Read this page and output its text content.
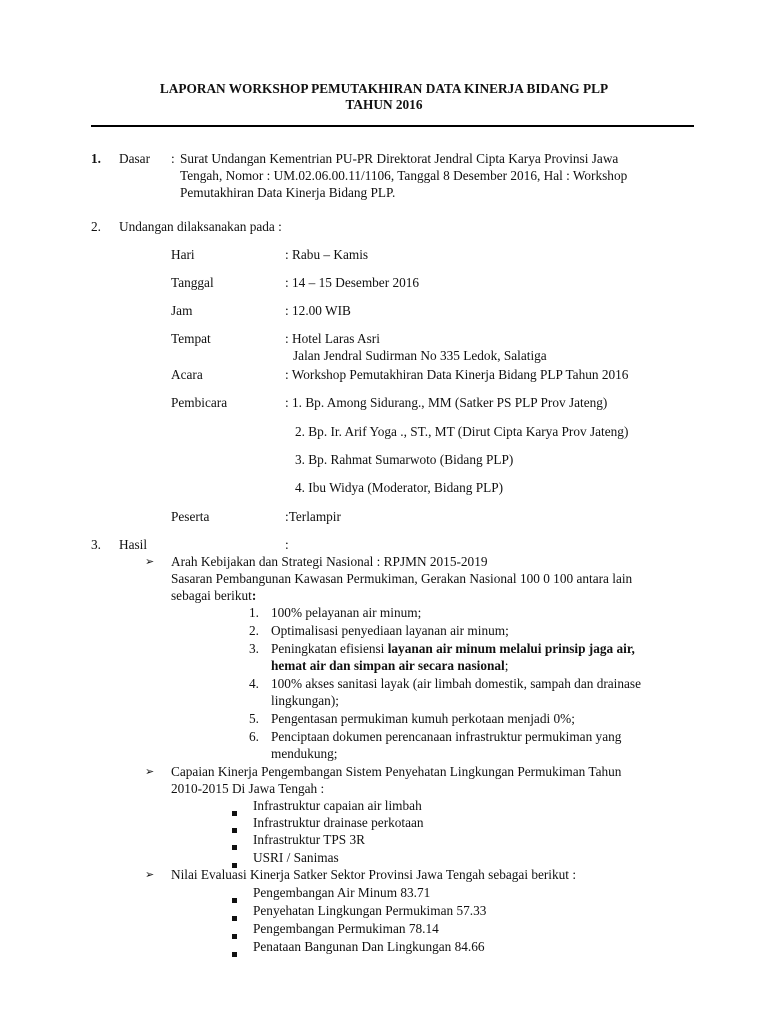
LAPORAN WORKSHOP PEMUTAKHIRAN DATA KINERJA BIDANG PLP
TAHUN 2016
1. Dasar : Surat Undangan Kementrian PU-PR Direktorat Jendral Cipta Karya Provinsi Jawa
Tengah, Nomor : UM.02.06.00.11/1106, Tanggal 8 Desember 2016, Hal : Workshop
Pemutakhiran Data Kinerja Bidang PLP.
2. Undangan dilaksanakan pada :
Hari	: Rabu – Kamis
Tanggal	: 14 – 15 Desember 2016
Jam	: 12.00 WIB
Tempat	: Hotel Laras Asri
Jalan Jendral Sudirman No 335 Ledok, Salatiga
Acara	: Workshop Pemutakhiran Data Kinerja Bidang PLP Tahun 2016
Pembicara	: 1. Bp. Among Sidurang., MM (Satker PS PLP Prov Jateng)
2. Bp. Ir. Arif Yoga ., ST., MT (Dirut Cipta Karya Prov Jateng)
3. Bp. Rahmat Sumarwoto (Bidang PLP)
4. Ibu Widya (Moderator, Bidang PLP)
Peserta	:Terlampir
3. Hasil	:
➢ Arah Kebijakan dan Strategi Nasional : RPJMN 2015-2019
Sasaran Pembangunan Kawasan Permukiman, Gerakan Nasional 100 0 100 antara lain
sebagai berikut:
1. 100% pelayanan air minum;
2. Optimalisasi penyediaan layanan air minum;
3. Peningkatan efisiensi layanan air minum melalui prinsip jaga air,
hemat air dan simpan air secara nasional;
4. 100% akses sanitasi layak (air limbah domestik, sampah dan drainase
lingkungan);
5. Pengentasan permukiman kumuh perkotaan menjadi 0%;
6. Penciptaan dokumen perencanaan infrastruktur permukiman yang
mendukung;
➢ Capaian Kinerja Pengembangan Sistem Penyehatan Lingkungan Permukiman Tahun
2010-2015 Di Jawa Tengah :
Infrastruktur capaian air limbah
Infrastruktur drainase perkotaan
Infrastruktur TPS 3R
USRI / Sanimas
➢ Nilai Evaluasi Kinerja Satker Sektor Provinsi Jawa Tengah sebagai berikut :
Pengembangan Air Minum 83.71
Penyehatan Lingkungan Permukiman 57.33
Pengembangan Permukiman 78.14
Penataan Bangunan Dan Lingkungan 84.66
